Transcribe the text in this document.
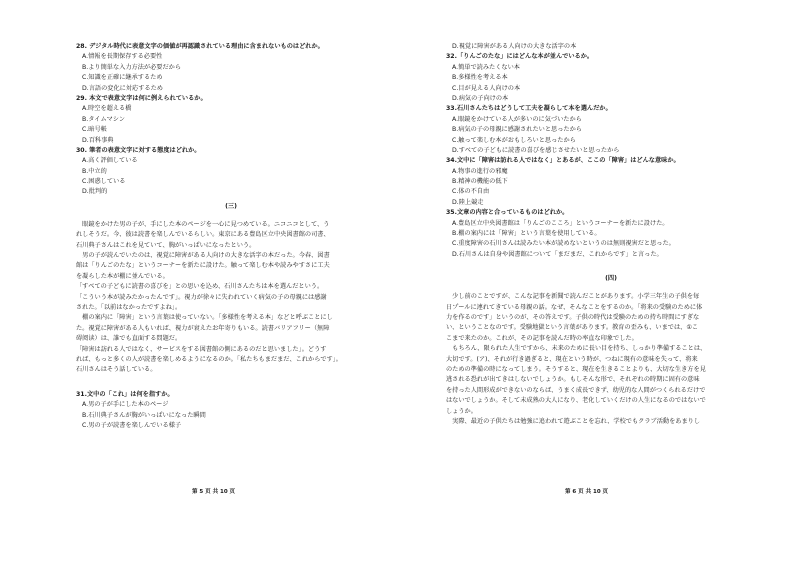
28. デジタル時代に表意文字の価値が再認識されている理由に含まれないものはどれか。
A.情報を長期保存する必要性
B.より簡単な入力方法が必要だから
C.知識を正確に継承するため
D.言語の変化に対応するため
29. 本文で表意文字は何に例えられているか。
A.時空を超える橋
B.タイムマシン
C.暗号帳
D.百科事典
30. 筆者の表意文字に対する態度はどれか。
A.高く評価している
B.中立的
C.困惑している
D.批判的
(三)
　眼鏡をかけた男の子が、手にした本のページを一心に見つめている。ニコニコとして、う
れしそうだ。今、彼は読書を楽しんでいるらしい。東京にある豊島区立中央図書館の司書、
石川典子さんはこれを見ていて、胸がいっぱいになったという。
　男の子が読んでいたのは、視覚に障害がある人向けの大きな活字の本だった。今春、図書
館は「りんごのたな」というコーナーを新たに設けた。触って楽しむ本や読みやすさに工夫
を凝らした本が棚に並んでいる。
「すべての子どもに読書の喜びを」との思いを込め、石川さんたちは本を選んだという。
「こういう本が読みたかったんです」。視力が徐々に失われていく病気の子の母親には感謝
された。「以前はなかったですよね」。
　棚の案内に「障害」という言葉は使っていない。「多様性を考える本」などと呼ぶことにし
た。視覚に障害がある人もいれば、視力が衰えたお年寄りもいる。読書バリアフリー（無障
碍阅读）は、誰でも直面する問題だ。
「障害は訪れる人ではなく、サービスをする図書館の側にあるのだと思いました」。どうす
れば、もっと多くの人が読書を楽しめるようになるのか。「私たちもまだまだ、これからです」。
石川さんはそう話している。
31.文中の「これ」は何を指すか。
A.男の子が手にした本のページ
B.石川典子さんが胸がいっぱいになった瞬間
C.男の子が読書を楽しんでいる様子
第 5 页 共 10 页
D.視覚に障害がある人向けの大きな活字の本
32.「りんごのたな」にはどんな本が並んでいるか。
A.簡単で読みたくない本
B.多様性を考える本
C.目が見える人向けの本
D.病気の子向けの本
33.石川さんたちはどうして工夫を凝らして本を選んだか。
A.眼鏡をかけている人が多いのに気づいたから
B.病気の子の母親に感謝されたいと思ったから
C.触って楽しむ本がおもしろいと思ったから
D.すべての子どもに読書の喜びを感じさせたいと思ったから
34.文中に「障害は訪れる人ではなく」とあるが、ここの「障害」はどんな意味か。
A.物事の進行の邪魔
B.精神の機能の低下
C.体の不自由
D.陸上競走
35.文章の内容と合っているものはどれか。
A.豊島区立中央図書館は「りんごのこころ」というコーナーを新たに設けた。
B.棚の案内には「障害」という言葉を使用している。
C.重度障害の石川さんは読みたい本が読めないというのは無則視害だと思った。
D.石川さんは自身や図書館について「まだまだ、これからです」と言った。
(四)
　少し前のことですが、こんな記事を新聞で読んだことがあります。小学三年生の子供を毎
日プールに連れてきている母親の話。なぜ、そんなことをするのか。「将来の受験のために体
力を作るのです」というのが、その答えです。子供の時代は受験のための持ち時間にすぎな
い、ということなのです。受験地獄という言葉があります。教育の歪みも、いまでは、①こ
こまで来たのか。これが、その記事を読んだ時の率直な印象でした。
　もちろん、限られた人生ですから、未来のために長い目を持ち、しっかり準備することは、
大切です。(ア)、それが行き過ぎると、現在という時が、つねに現有の意味を失って、将来
のための準備の時になってしまう。そうすると、現在を生きることよりも、大切な生き方を見
逃される恐れが出てきはしないでしょうか。もしそんな形で、それぞれの時期に固有の意味
を持った人間形成ができないのならば、うまく成長できず、幼児的な人間がつくられるだけで
はないでしょうか。そして未成熟の大人になり、老化していくだけの人生になるのではないで
しょうか。
　実際、最近の子供たちは勉強に追われて遊ぶことを忘れ、学校でもクラブ活動をあまりし
第 6 页 共 10 页
